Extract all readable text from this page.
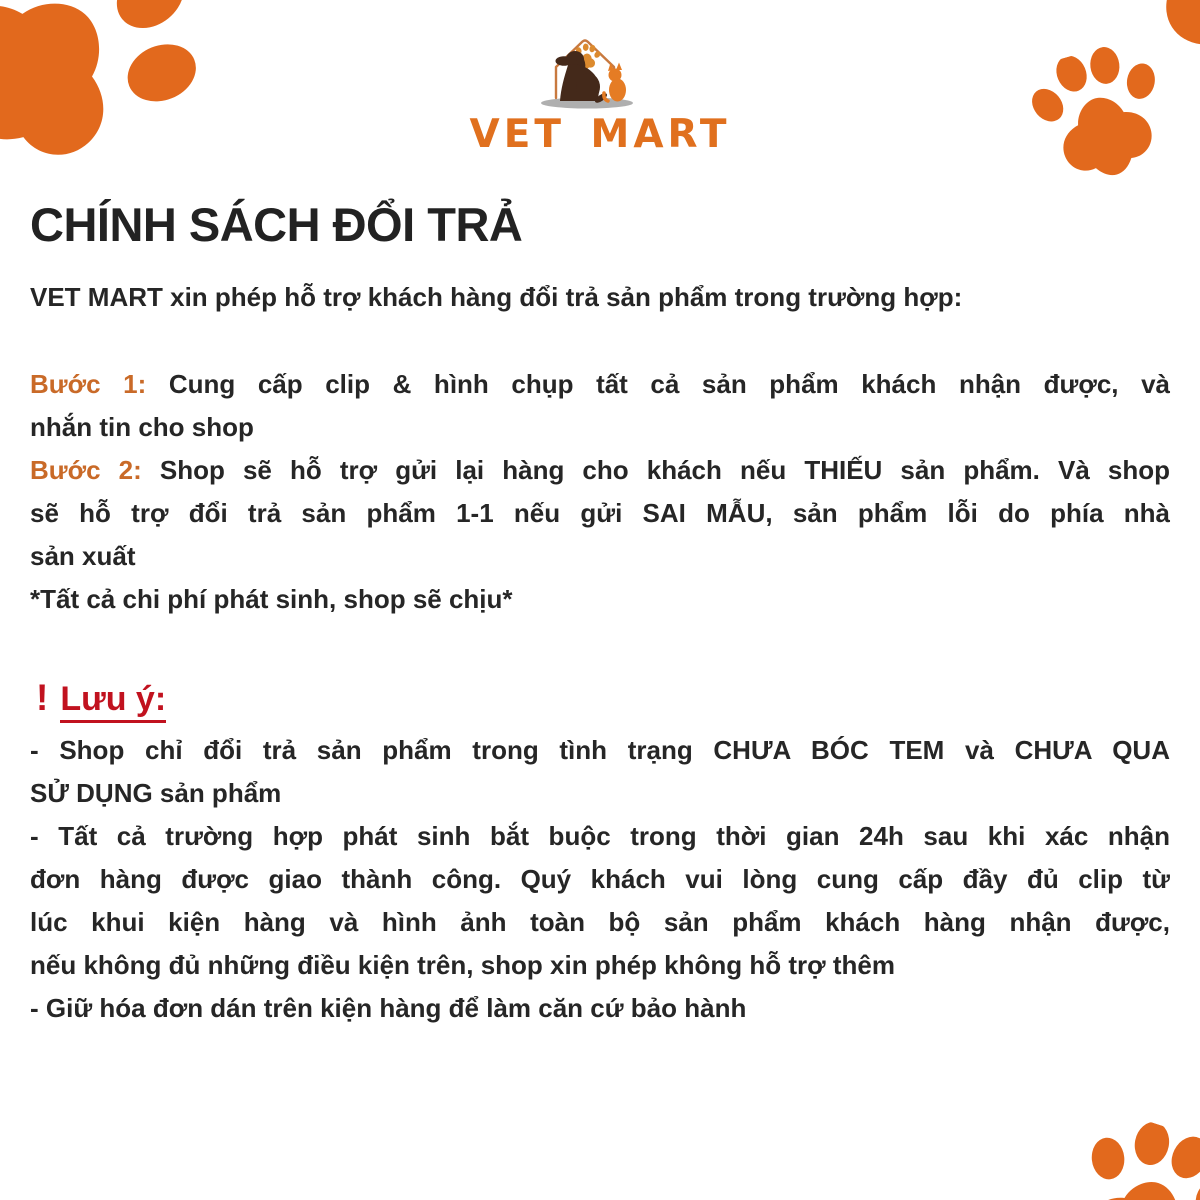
VET MART
CHÍNH SÁCH ĐỔI TRẢ
VET MART xin phép hỗ trợ khách hàng đổi trả sản phẩm trong trường hợp:
Bước 1: Cung cấp clip & hình chụp tất cả sản phẩm khách nhận được, và
nhắn tin cho shop
Bước 2: Shop sẽ hỗ trợ gửi lại hàng cho khách nếu THIẾU sản phẩm. Và shop
sẽ hỗ trợ đổi trả sản phẩm 1-1 nếu gửi SAI MẪU, sản phẩm lỗi do phía nhà
sản xuất
*Tất cả chi phí phát sinh, shop sẽ chịu*
! Lưu ý:
- Shop chỉ đổi trả sản phẩm trong tình trạng CHƯA BÓC TEM và CHƯA QUA
SỬ DỤNG sản phẩm
- Tất cả trường hợp phát sinh bắt buộc trong thời gian 24h sau khi xác nhận
đơn hàng được giao thành công. Quý khách vui lòng cung cấp đầy đủ clip từ
lúc khui kiện hàng và hình ảnh toàn bộ sản phẩm khách hàng nhận được,
nếu không đủ những điều kiện trên, shop xin phép không hỗ trợ thêm
- Giữ hóa đơn dán trên kiện hàng để làm căn cứ bảo hành
